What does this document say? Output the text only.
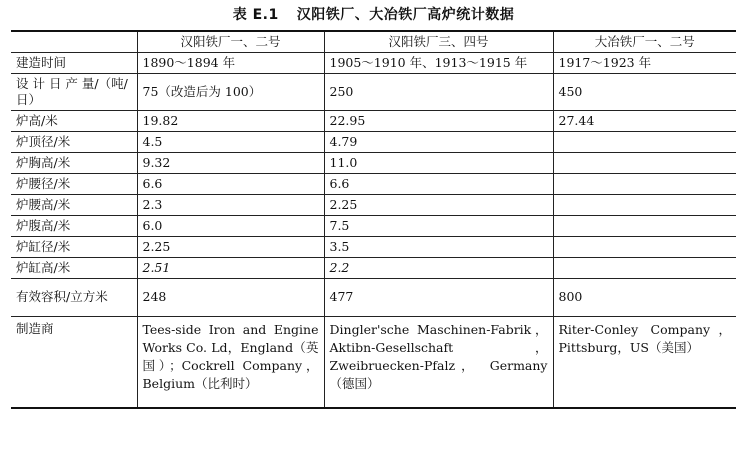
表 E.1 汉阳铁厂、大冶铁厂高炉统计数据
	汉阳铁厂一、二号	汉阳铁厂三、四号	大冶铁厂一、二号
建造时间	1890～1894 年	1905～1910 年、1913～1915 年	1917～1923 年
设 计 日 产 量/（吨/日）	75（改造后为 100）	250	450
炉高/米	19.82	22.95	27.44
炉顶径/米	4.5	4.79	
炉胸高/米	9.32	11.0	
炉腰径/米	6.6	6.6	
炉腰高/米	2.3	2.25	
炉腹高/米	6.0	7.5	
炉缸径/米	2.25	3.5	
炉缸高/米	2.51	2.2	
有效容积/立方米	248	477	800
制造商	Tees-side Iron and Engine Works Co. Ld，England（英国）；Cockrell Company，Belgium（比利时）	Dingler'sche Maschinen-Fabrik，Aktibn-Gesellschaft，Zweibruecken-Pfalz， Germany（德国）	Riter-Conley Company，Pittsburg，US（美国）
